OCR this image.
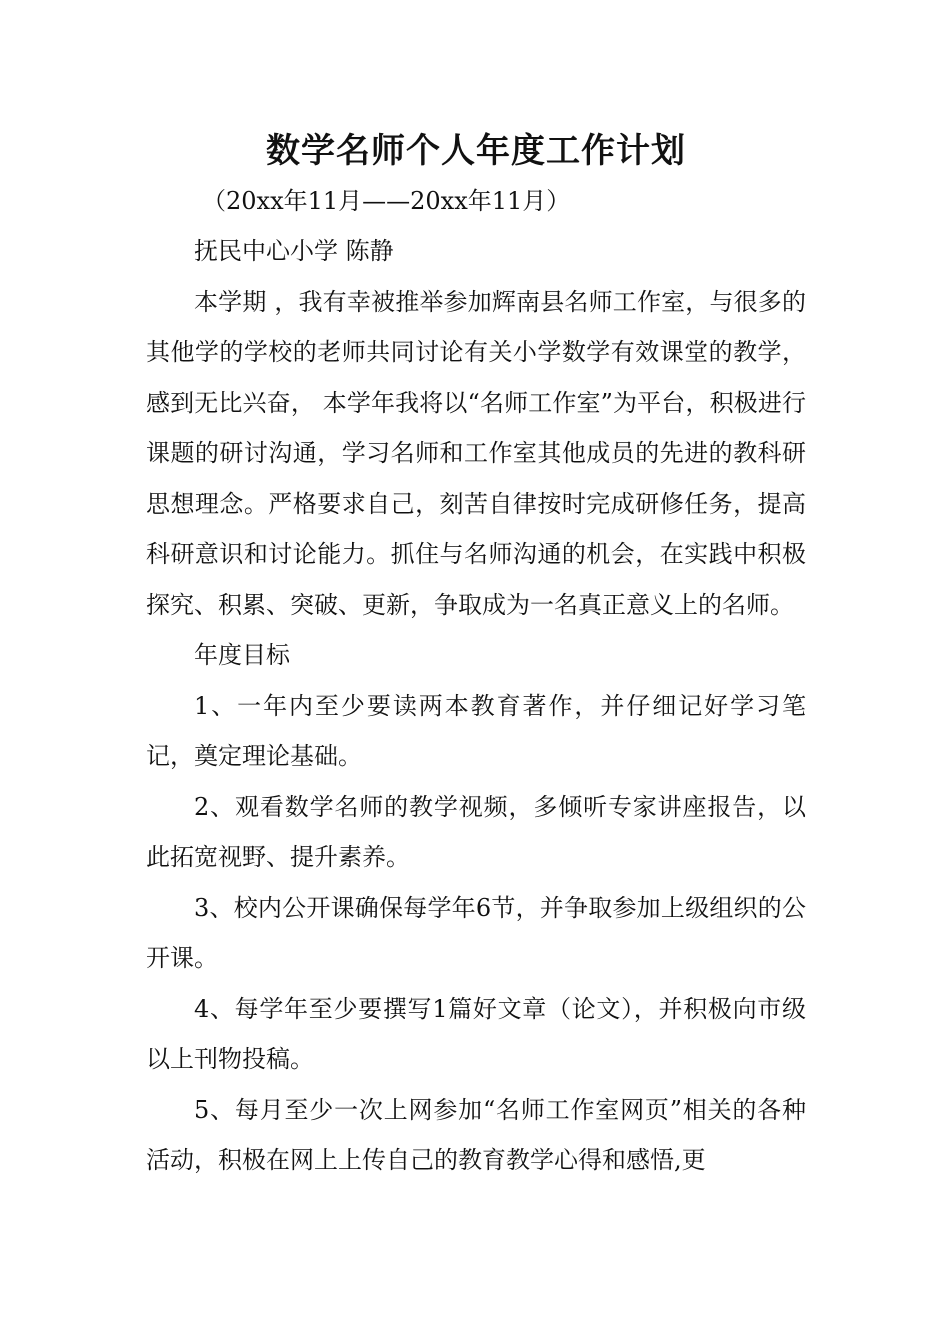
数学名师个人年度工作计划

（20xx年11月——20xx年11月）

抚民中心小学 陈静

本学期 ，我有幸被推举参加辉南县名师工作室，与很多的其他学的学校的老师共同讨论有关小学数学有效课堂的教学，感到无比兴奋， 本学年我将以“名师工作室”为平台，积极进行课题的研讨沟通，学习名师和工作室其他成员的先进的教科研思想理念。严格要求自己，刻苦自律按时完成研修任务，提高科研意识和讨论能力。抓住与名师沟通的机会，在实践中积极探究、积累、突破、更新，争取成为一名真正意义上的名师。

年度目标

1、一年内至少要读两本教育著作，并仔细记好学习笔记，奠定理论基础。

2、观看数学名师的教学视频，多倾听专家讲座报告，以此拓宽视野、提升素养。

3、校内公开课确保每学年6节，并争取参加上级组织的公开课。

4、每学年至少要撰写1篇好文章（论文），并积极向市级以上刊物投稿。

5、每月至少一次上网参加“名师工作室网页”相关的各种活动，积极在网上上传自己的教育教学心得和感悟,更
